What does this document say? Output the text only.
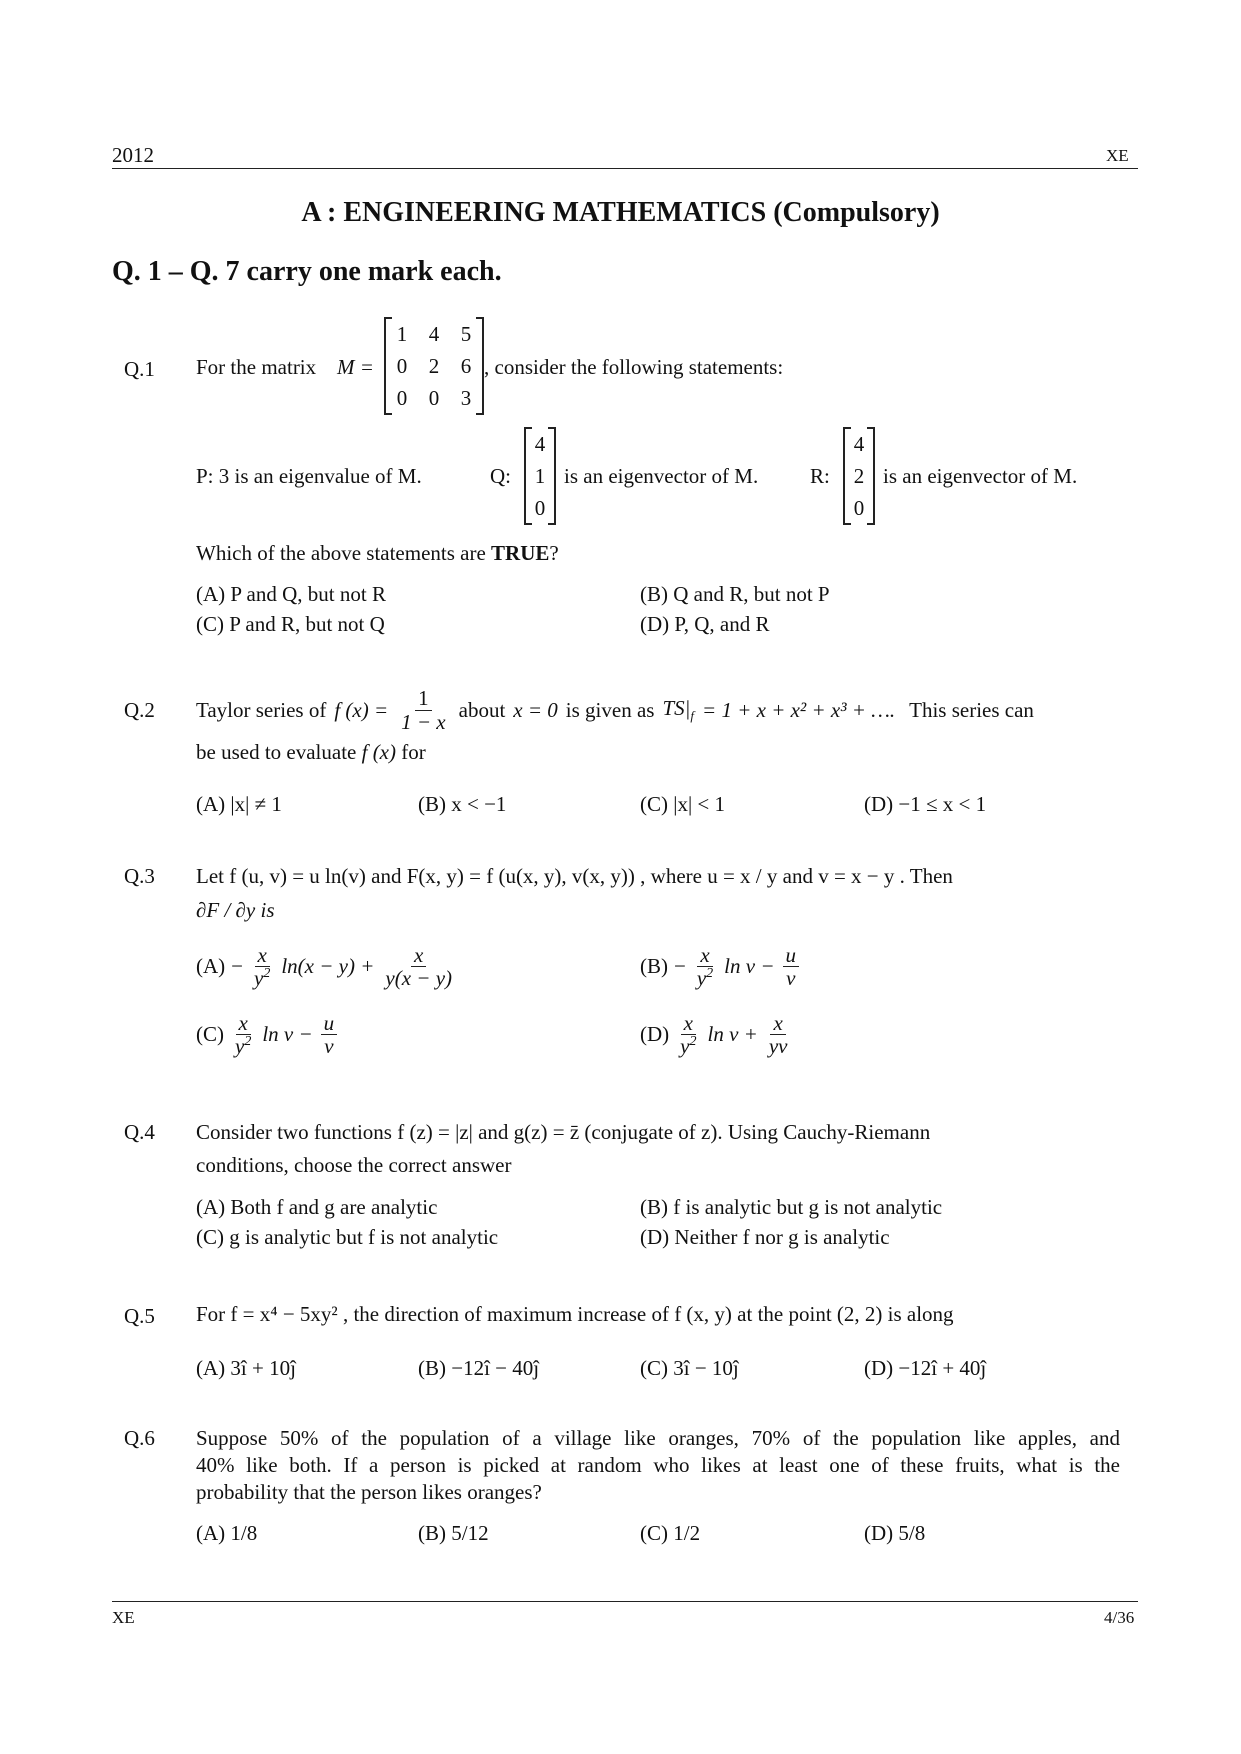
2012	XE
A : ENGINEERING MATHEMATICS (Compulsory)
Q. 1 – Q. 7 carry one mark each.
Q.1 For the matrix M =
1	4	5
0	2	6
0	0	3
, consider the following statements:
P: 3 is an eigenvalue of M.	Q:
4
1
0
is an eigenvector of M. R:
4
2
0
is an eigenvector of M.
Which of the above statements are TRUE?
(A) P and Q, but not R	(B) Q and R, but not P
(C) P and R, but not Q	(D) P, Q, and R
Q.2 Taylor series of f $(x) = \frac{1}{1 - x}$ about x = 0 is given as $TS|_f = 1 + x + x^2 + x^3$ + …. This series can
be used to evaluate f (x) for
(A) |x| ≠ 1	(B) x < −1	(C) |x| < 1	(D) −1 ≤ x < 1
Q.3 Let f (u, v) = u ln(v) and F(x, y) = f (u(x, y), v(x, y)) , where u = x / y and v = x − y . Then
∂F / ∂y is
$(A) - \frac{x}{y^2} \ln(x - y) + \frac{x}{y(x - y)}$	$(B) - \frac{x}{y^2}$ $\ln v - \frac{u}{v}$
$(C) \frac{x}{y^2}$ $\ln v - \frac{u}{v}$	$(D) \frac{x}{y^2}$ $\ln v + \frac{x}{yv}$
Q.4 Consider two functions f (z) = |z| and g(z) = z̄ (conjugate of z). Using Cauchy-Riemann
conditions, choose the correct answer
(A) Both f and g are analytic	(B) f is analytic but g is not analytic
(C) g is analytic but f is not analytic	(D) Neither f nor g is analytic
Q.5 For f = x⁴ − 5xy² , the direction of maximum increase of f (x, y) at the point (2, 2) is along
(A) 3î + 10ĵ	(B) −12î − 40ĵ	(C) 3î − 10ĵ	(D) −12î + 40ĵ
Q.6 Suppose 50% of the population of a village like oranges, 70% of the population like apples, and
40% like both. If a person is picked at random who likes at least one of these fruits, what is the
probability that the person likes oranges?
(A) 1/8	(B) 5/12	(C) 1/2	(D) 5/8
XE	4/36
